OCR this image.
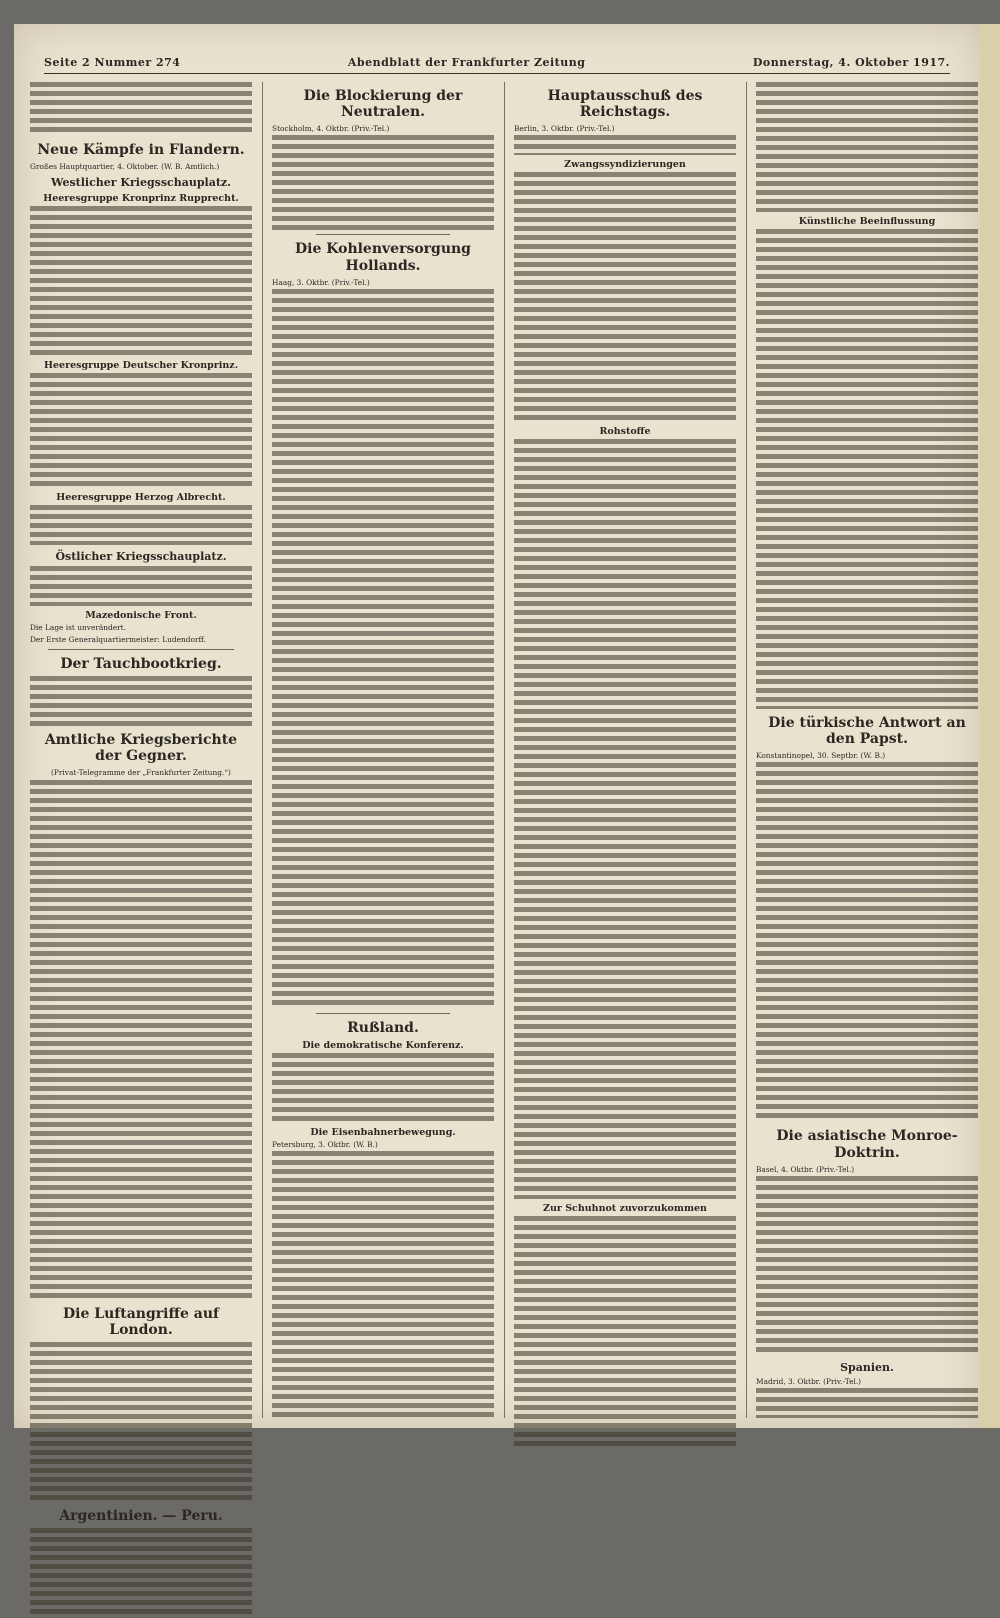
Seite 2 Nummer 274	Abendblatt der Frankfurter Zeitung	Donnerstag, 4. Oktober 1917.

Neue Kämpfe in Flandern.

Großes Hauptquartier, 4. Oktober. (W. B. Amtlich.)

Westlicher Kriegsschauplatz.
Heeresgruppe Kronprinz Rupprecht.

Heeresgruppe Deutscher Kronprinz.

Heeresgruppe Herzog Albrecht.

Östlicher Kriegsschauplatz.

Mazedonische Front.

Die Lage ist unverändert.

Der Erste Generalquartiermeister: Ludendorff.

Der Tauchbootkrieg.

Amtliche Kriegsberichte der Gegner.

(Privat-Telegramme der „Frankfurter Zeitung.“)

Die Luftangriffe auf London.

Argentinien. — Peru.

Die Blockierung der Neutralen.

Stockholm, 4. Oktbr. (Priv.-Tel.)

Die Kohlenversorgung Hollands.

Haag, 3. Oktbr. (Priv.-Tel.)

Rußland.
Die demokratische Konferenz.

Die Eisenbahnerbewegung.

Petersburg, 3. Oktbr. (W. B.)

Hauptausschuß des Reichstags.

Berlin, 3. Oktbr. (Priv.-Tel.)

Zwangssyndizierungen

Rohstoffe

Zur Schuhnot zuvorzukommen

Künstliche Beeinflussung

Die türkische Antwort an den Papst.

Konstantinopel, 30. Septbr. (W. B.)

Die asiatische Monroe-Doktrin.

Basel, 4. Oktbr. (Priv.-Tel.)

Spanien.

Madrid, 3. Oktbr. (Priv.-Tel.)
